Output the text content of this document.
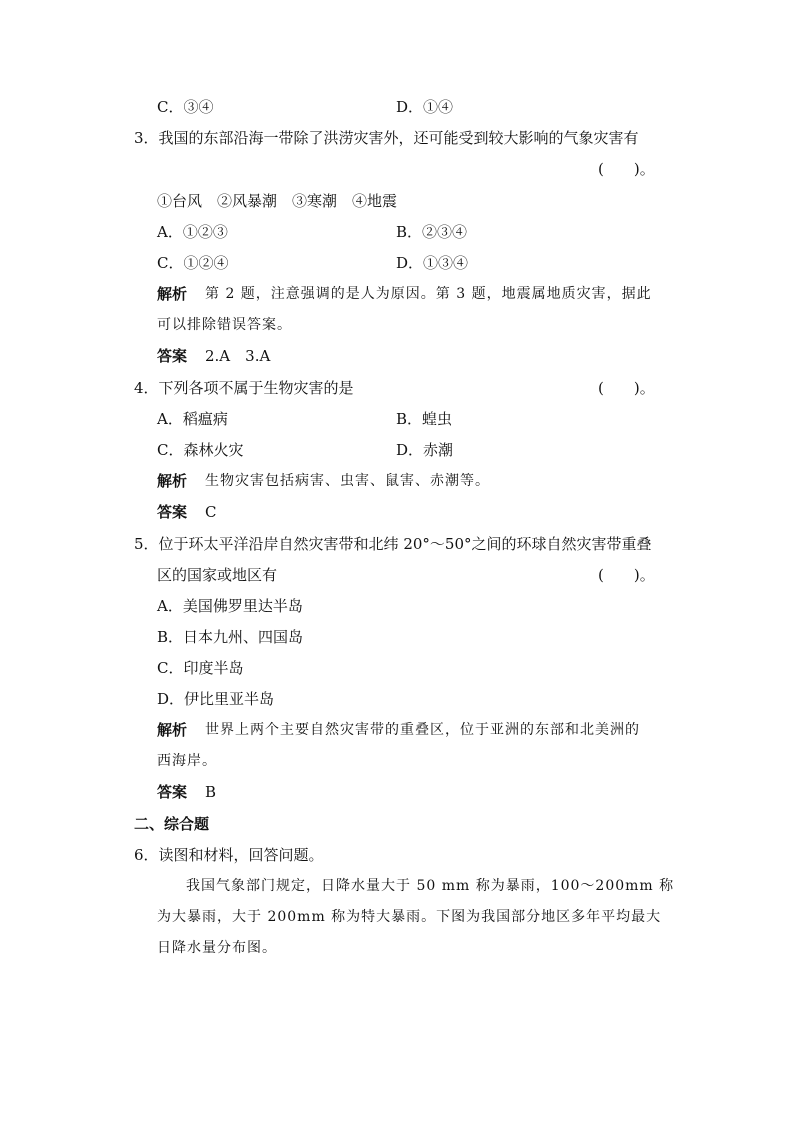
C．③④	D．①④
3．我国的东部沿海一带除了洪涝灾害外，还可能受到较大影响的气象灾害有
(　　)。
①台风　②风暴潮　③寒潮　④地震
A．①②③	B．②③④
C．①②④	D．①③④
解析 第 2 题，注意强调的是人为原因。第 3 题，地震属地质灾害，据此
可以排除错误答案。
答案 2.A　3.A
4．下列各项不属于生物灾害的是	(　　)。
A．稻瘟病	B．蝗虫
C．森林火灾	D．赤潮
解析 生物灾害包括病害、虫害、鼠害、赤潮等。
答案 C
5．位于环太平洋沿岸自然灾害带和北纬 20°～50°之间的环球自然灾害带重叠
区的国家或地区有	(　　)。
A．美国佛罗里达半岛
B．日本九州、四国岛
C．印度半岛
D．伊比里亚半岛
解析 世界上两个主要自然灾害带的重叠区，位于亚洲的东部和北美洲的
西海岸。
答案 B
二、综合题
6．读图和材料，回答问题。
我国气象部门规定，日降水量大于 50 mm 称为暴雨，100～200mm 称
为大暴雨，大于 200mm 称为特大暴雨。下图为我国部分地区多年平均最大
日降水量分布图。
